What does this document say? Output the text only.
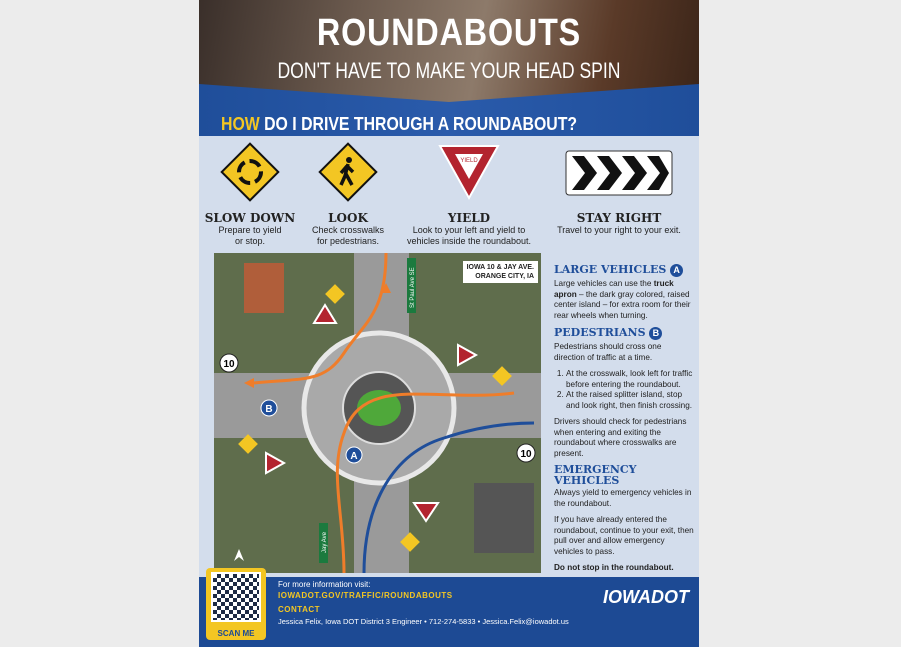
ROUNDABOUTS
DON'T HAVE TO MAKE YOUR HEAD SPIN
HOW DO I DRIVE THROUGH A ROUNDABOUT?
SLOW DOWN
Prepare to yield or stop.
LOOK
Check crosswalks for pedestrians.
YIELD
YIELD
Look to your left and yield to vehicles inside the roundabout.
STAY RIGHT
Travel to your right to your exit.
10
10
B
A
St Paul Ave SE
Jay Ave
IOWA 10 & JAY AVE.
ORANGE CITY, IA
LARGE VEHICLES A

Large vehicles can use the truck apron – the dark gray colored, raised center island – for extra room for their rear wheels when turning.

PEDESTRIANS B

Pedestrians should cross one direction of traffic at a time.

1. At the crosswalk, look left for traffic before entering the roundabout.
2. At the raised splitter island, stop and look right, then finish crossing.

Drivers should check for pedestrians when entering and exiting the roundabout where crosswalks are present.

EMERGENCY VEHICLES

Always yield to emergency vehicles in the roundabout.

If you have already entered the roundabout, continue to your exit, then pull over and allow emergency vehicles to pass.

Do not stop in the roundabout.

SCAN ME
For more information visit:
IOWADOT.GOV/TRAFFIC/ROUNDABOUTS
CONTACT
Jessica Felix, Iowa DOT District 3 Engineer • 712-274-5833 • Jessica.Felix@iowadot.us
IOWADOT
